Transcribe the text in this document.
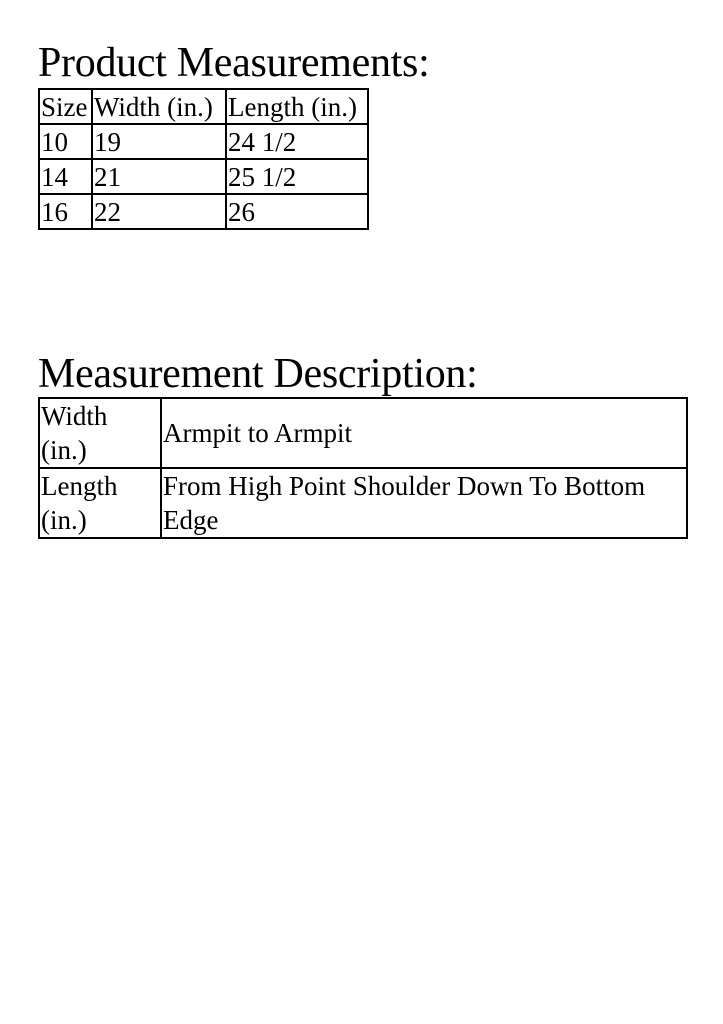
Product Measurements:
Size	Width (in.)	Length (in.)
10	19	24 1/2
14	21	25 1/2
16	22	26
Measurement Description:
Width (in.)	Armpit to Armpit
Length (in.)	From High Point Shoulder Down To Bottom Edge
